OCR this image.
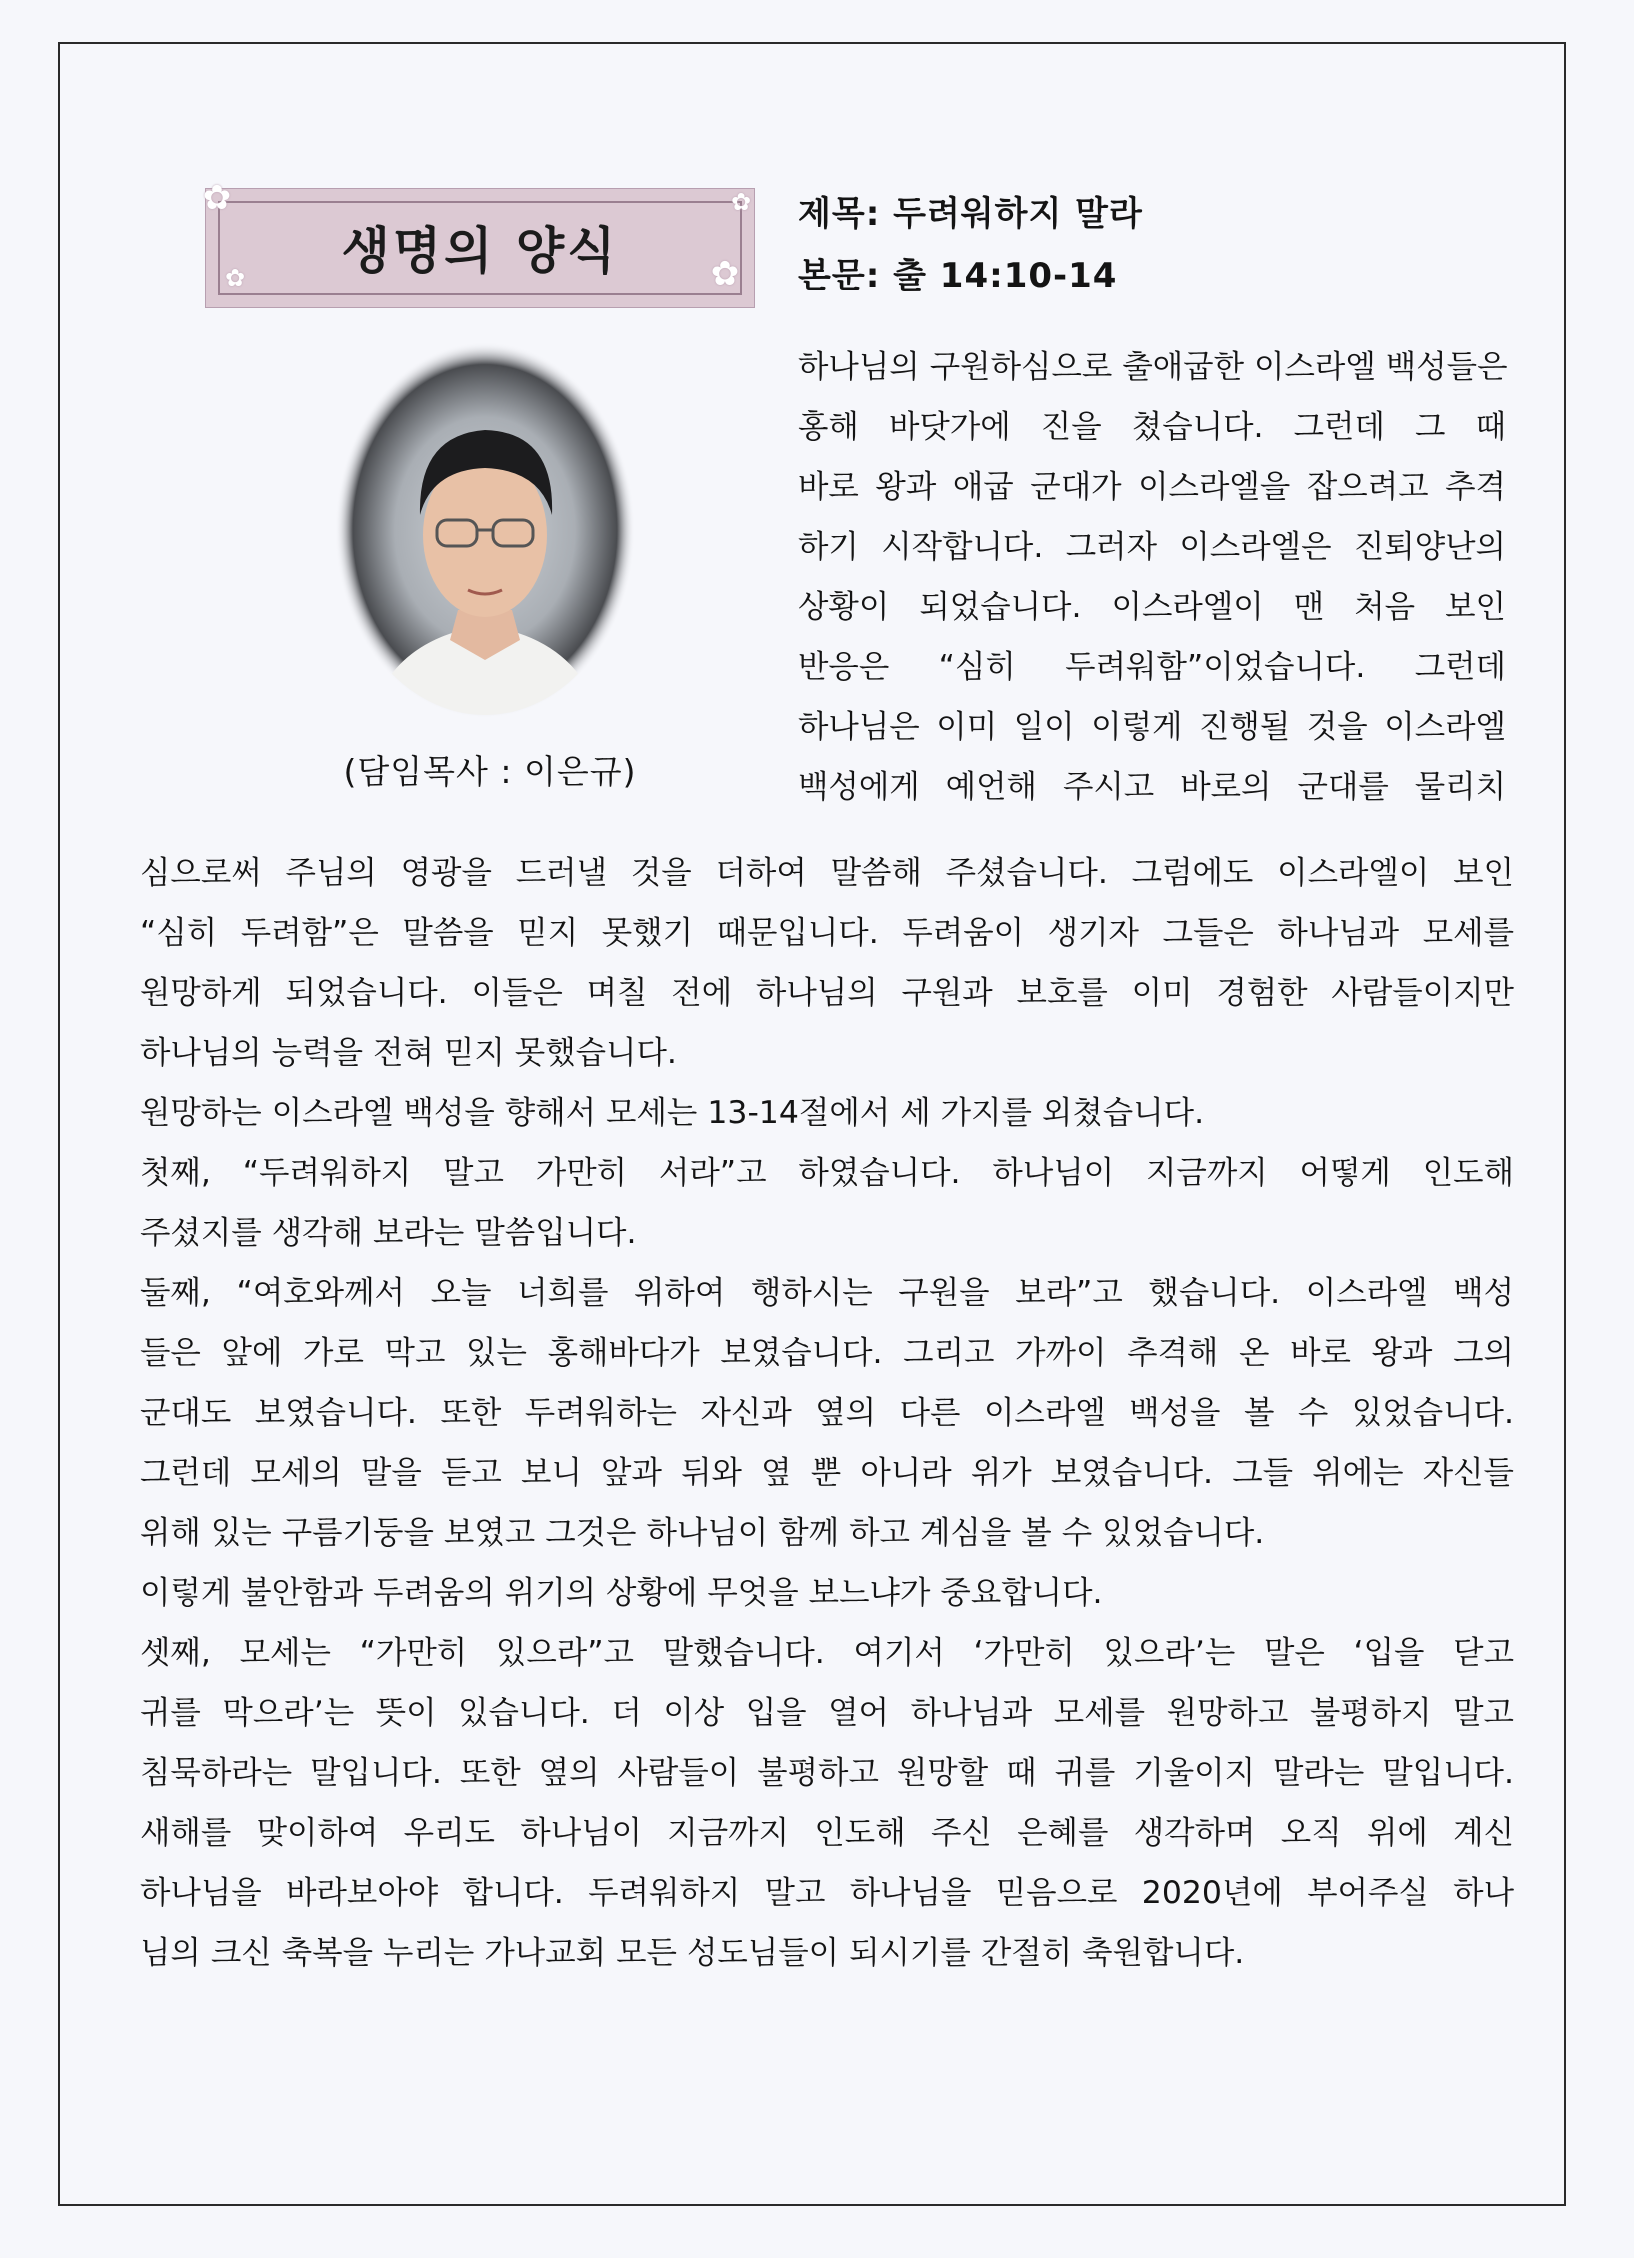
✿
✿
✿
✿
생명의 양식
제목: 두려워하지 말라
본문: 출 14:10-14
(담임목사 : 이은규)
하나님의 구원하심으로 출애굽한 이스라엘 백성들은
홍해 바닷가에 진을 쳤습니다. 그런데 그 때
바로 왕과 애굽 군대가 이스라엘을 잡으려고 추격
하기 시작합니다. 그러자 이스라엘은 진퇴양난의
상황이 되었습니다. 이스라엘이 맨 처음 보인
반응은 “심히 두려워함”이었습니다. 그런데
하나님은 이미 일이 이렇게 진행될 것을 이스라엘
백성에게 예언해 주시고 바로의 군대를 물리치
심으로써 주님의 영광을 드러낼 것을 더하여 말씀해 주셨습니다. 그럼에도 이스라엘이 보인
“심히 두려함”은 말씀을 믿지 못했기 때문입니다. 두려움이 생기자 그들은 하나님과 모세를
원망하게 되었습니다. 이들은 며칠 전에 하나님의 구원과 보호를 이미 경험한 사람들이지만
하나님의 능력을 전혀 믿지 못했습니다.
원망하는 이스라엘 백성을 향해서 모세는 13-14절에서 세 가지를 외쳤습니다.
첫째, “두려워하지 말고 가만히 서라”고 하였습니다. 하나님이 지금까지 어떻게 인도해
주셨지를 생각해 보라는 말씀입니다.
둘째, “여호와께서 오늘 너희를 위하여 행하시는 구원을 보라”고 했습니다. 이스라엘 백성
들은 앞에 가로 막고 있는 홍해바다가 보였습니다. 그리고 가까이 추격해 온 바로 왕과 그의
군대도 보였습니다. 또한 두려워하는 자신과 옆의 다른 이스라엘 백성을 볼 수 있었습니다.
그런데 모세의 말을 듣고 보니 앞과 뒤와 옆 뿐 아니라 위가 보였습니다. 그들 위에는 자신들
위해 있는 구름기둥을 보였고 그것은 하나님이 함께 하고 계심을 볼 수 있었습니다.
이렇게 불안함과 두려움의 위기의 상황에 무엇을 보느냐가 중요합니다.
셋째, 모세는 “가만히 있으라”고 말했습니다. 여기서 ‘가만히 있으라’는 말은 ‘입을 닫고
귀를 막으라’는 뜻이 있습니다. 더 이상 입을 열어 하나님과 모세를 원망하고 불평하지 말고
침묵하라는 말입니다. 또한 옆의 사람들이 불평하고 원망할 때 귀를 기울이지 말라는 말입니다.
새해를 맞이하여 우리도 하나님이 지금까지 인도해 주신 은혜를 생각하며 오직 위에 계신
하나님을 바라보아야 합니다. 두려워하지 말고 하나님을 믿음으로 2020년에 부어주실 하나
님의 크신 축복을 누리는 가나교회 모든 성도님들이 되시기를 간절히 축원합니다.
